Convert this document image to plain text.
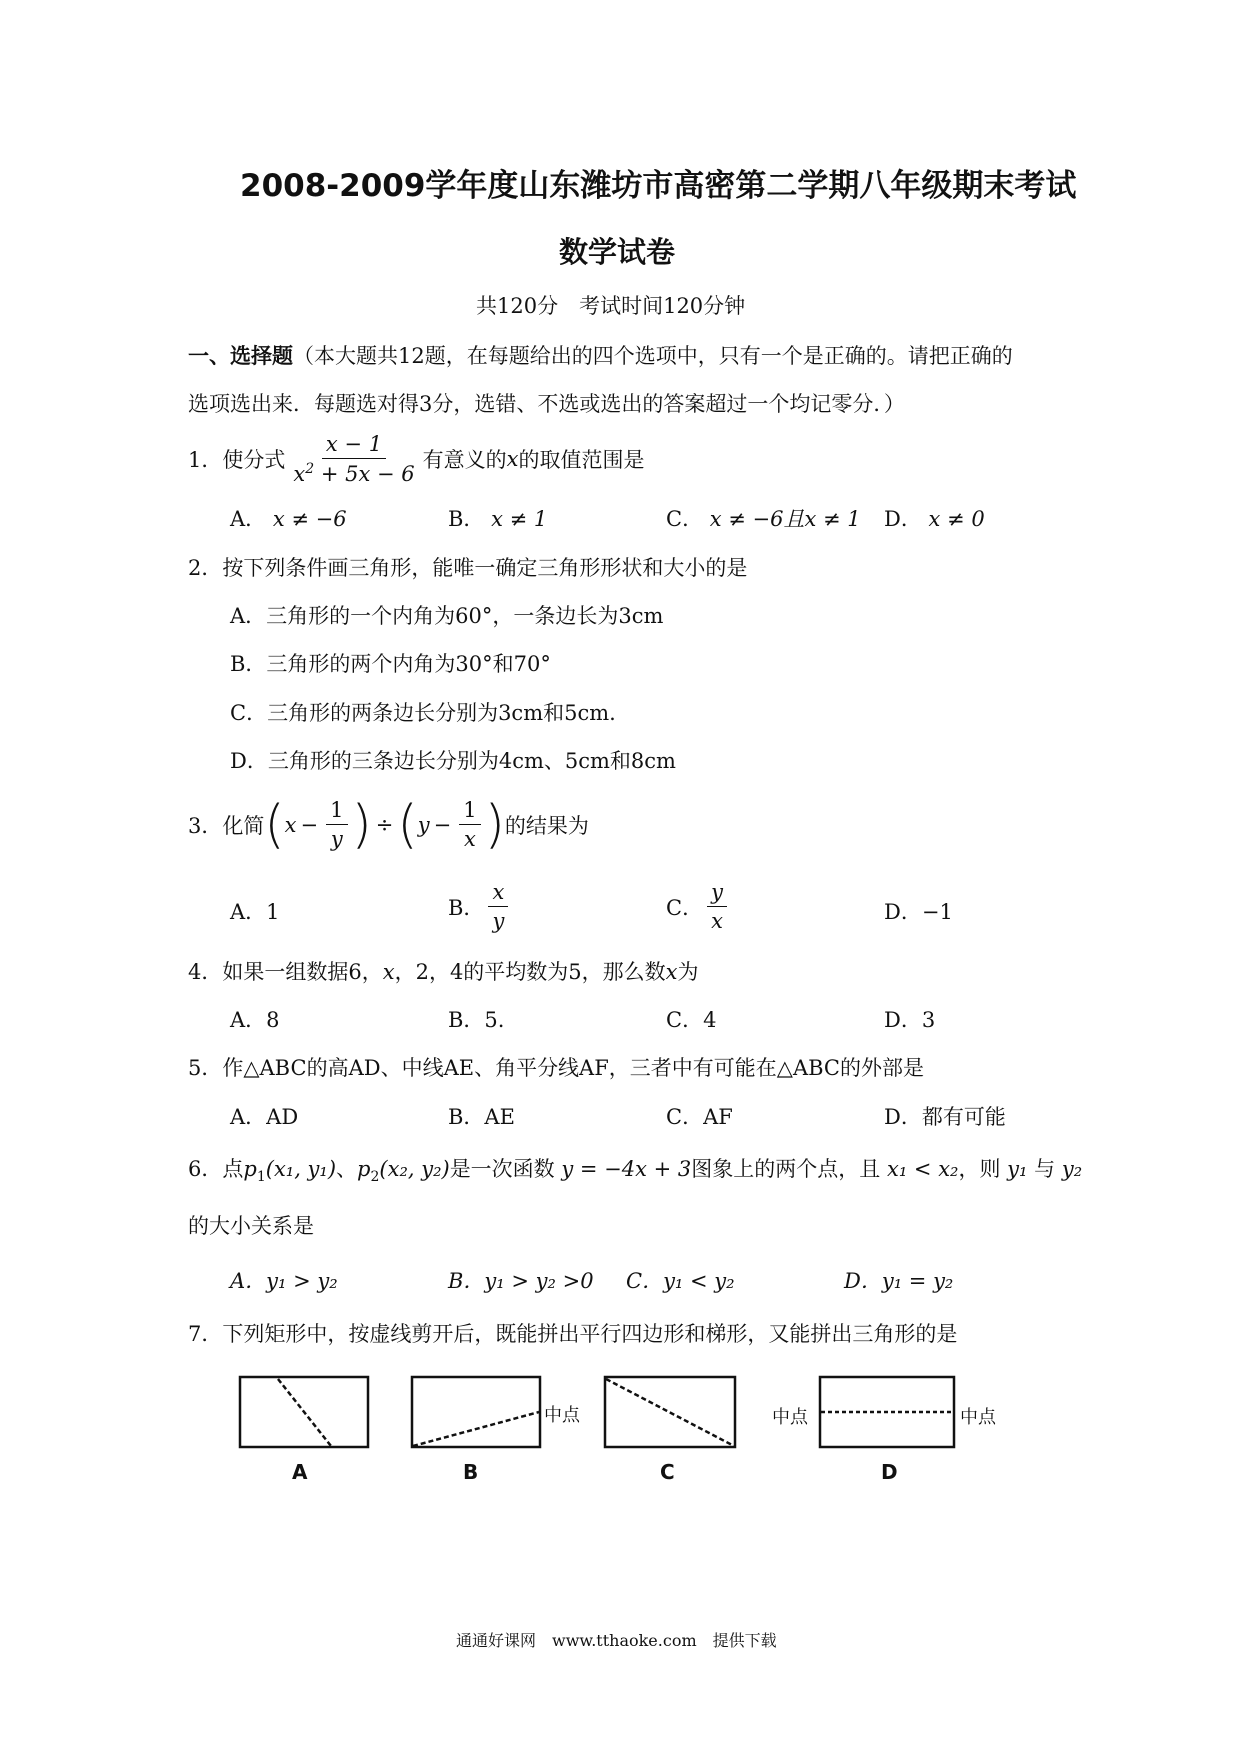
2008-2009学年度山东潍坊市高密第二学期八年级期末考试
数学试卷
共120分　考试时间120分钟
一、选择题（本大题共12题，在每题给出的四个选项中，只有一个是正确的。请把正确的
选项选出来．每题选对得3分，选错、不选或选出的答案超过一个均记零分．）
1．使分式 $\frac{x - 1}{x^2 + 5x - 6}$ 有意义的 x 的取值范围是
A． x ≠ −6	B． x ≠ 1	C． x ≠ −6且x ≠ 1 D． x ≠ 0
2．按下列条件画三角形，能唯一确定三角形形状和大小的是
A．三角形的一个内角为60°，一条边长为3cm
B．三角形的两个内角为30°和70°
C．三角形的两条边长分别为3cm和5cm.
D．三角形的三条边长分别为4cm、5cm和8cm
3．化简 ( $x - \frac{1}{y}$ ) ÷ ( $y - \frac{1}{x}$ ) 的结果为
A．1	B． $\frac{x}{y}$	C． $\frac{y}{x}$	D．−1
4．如果一组数据6，x，2，4的平均数为5，那么数x为
A．8	B．5.	C．4	D．3
5．作△ABC的高AD、中线AE、角平分线AF，三者中有可能在△ABC的外部是
A．AD	B．AE	C．AF	D．都有可能
6．点$p_1(x_1$, y₁)、$p_2(x_2$, y₂)是一次函数 y = −4x + 3图象上的两个点，且 x₁ < x₂，则 y₁ 与 y₂
的大小关系是
A．y₁ > y₂	B．y₁ > y₂ >0 C．y₁ < y₂	D．y₁ = y₂
7．下列矩形中，按虚线剪开后，既能拼出平行四边形和梯形，又能拼出三角形的是
中点	中点	中点
A	B	C	D
通通好课网　www.tthaoke.com　提供下载
